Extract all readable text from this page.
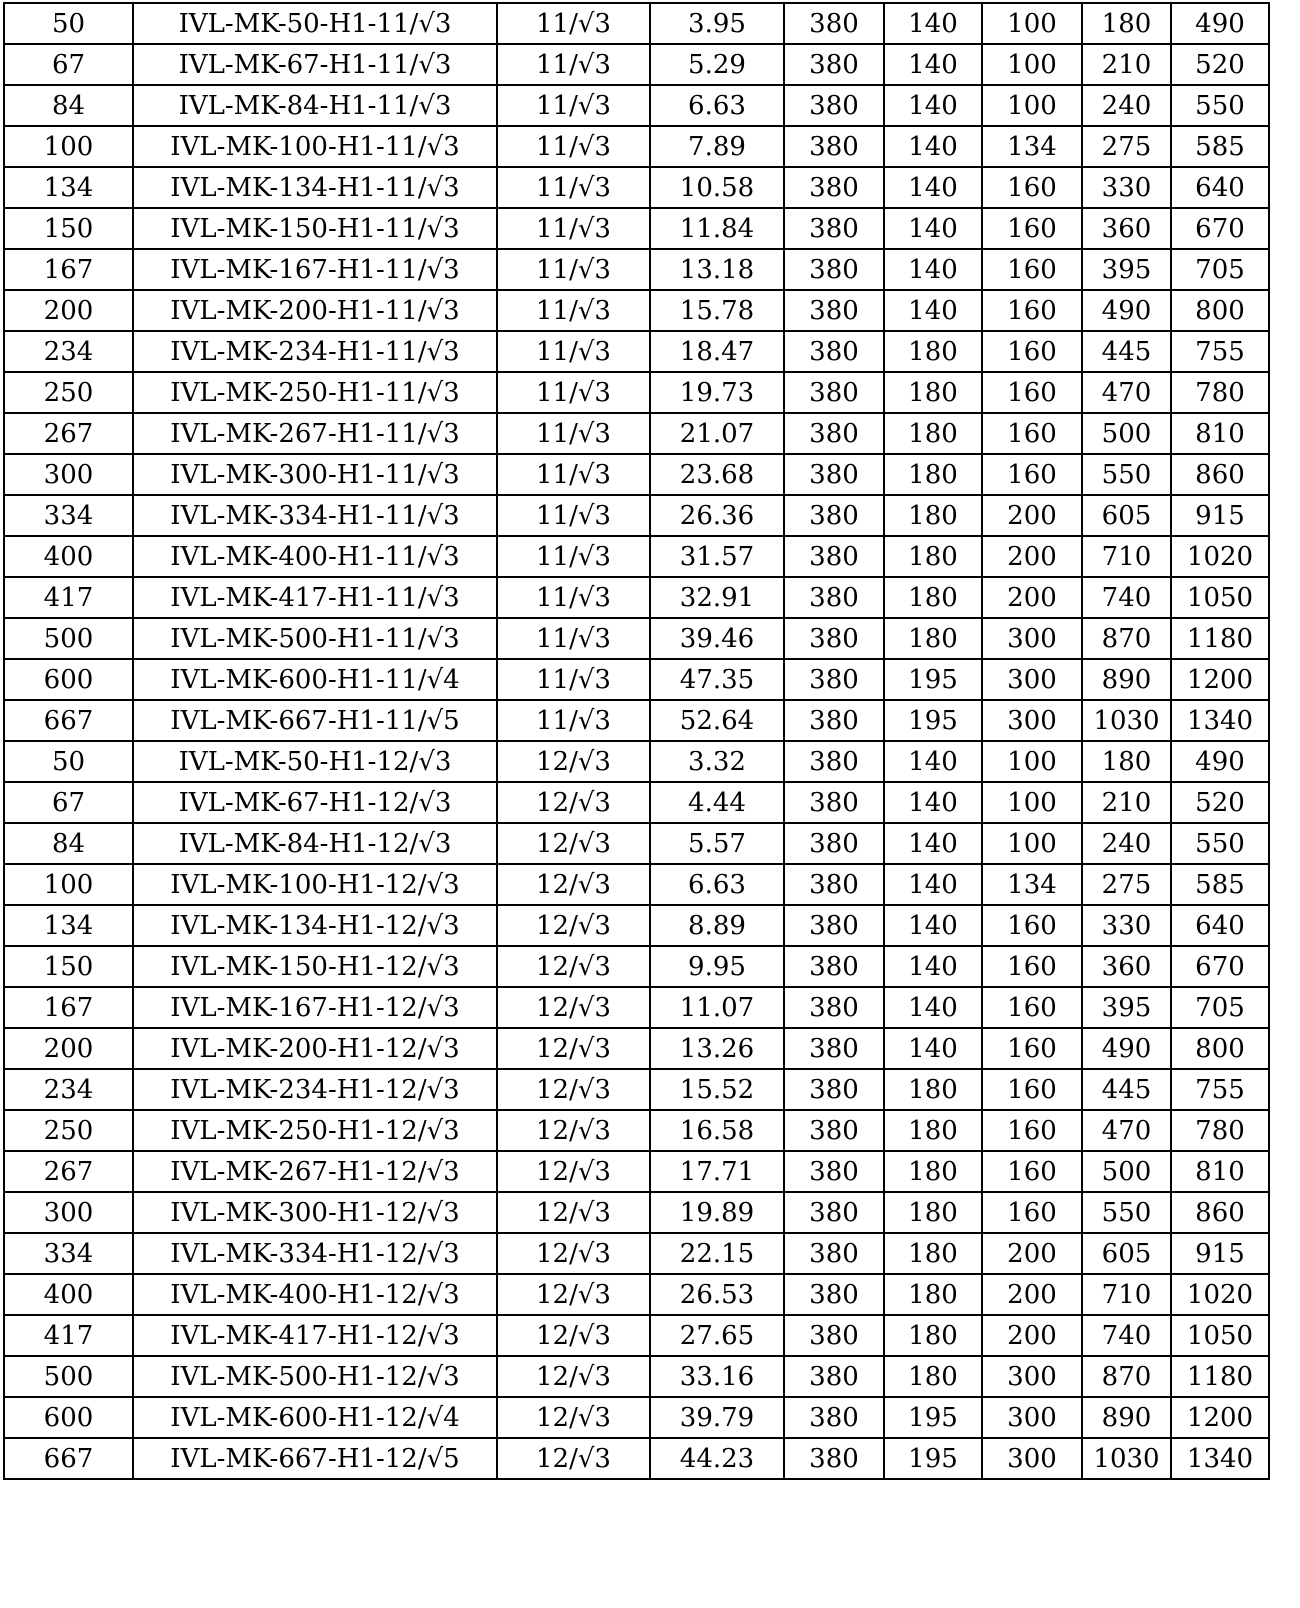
50	IVL-MK-50-H1-11/√3	11/√3	3.95	380	140	100	180	490
67	IVL-MK-67-H1-11/√3	11/√3	5.29	380	140	100	210	520
84	IVL-MK-84-H1-11/√3	11/√3	6.63	380	140	100	240	550
100	IVL-MK-100-H1-11/√3	11/√3	7.89	380	140	134	275	585
134	IVL-MK-134-H1-11/√3	11/√3	10.58	380	140	160	330	640
150	IVL-MK-150-H1-11/√3	11/√3	11.84	380	140	160	360	670
167	IVL-MK-167-H1-11/√3	11/√3	13.18	380	140	160	395	705
200	IVL-MK-200-H1-11/√3	11/√3	15.78	380	140	160	490	800
234	IVL-MK-234-H1-11/√3	11/√3	18.47	380	180	160	445	755
250	IVL-MK-250-H1-11/√3	11/√3	19.73	380	180	160	470	780
267	IVL-MK-267-H1-11/√3	11/√3	21.07	380	180	160	500	810
300	IVL-MK-300-H1-11/√3	11/√3	23.68	380	180	160	550	860
334	IVL-MK-334-H1-11/√3	11/√3	26.36	380	180	200	605	915
400	IVL-MK-400-H1-11/√3	11/√3	31.57	380	180	200	710	1020
417	IVL-MK-417-H1-11/√3	11/√3	32.91	380	180	200	740	1050
500	IVL-MK-500-H1-11/√3	11/√3	39.46	380	180	300	870	1180
600	IVL-MK-600-H1-11/√4	11/√3	47.35	380	195	300	890	1200
667	IVL-MK-667-H1-11/√5	11/√3	52.64	380	195	300	1030	1340
50	IVL-MK-50-H1-12/√3	12/√3	3.32	380	140	100	180	490
67	IVL-MK-67-H1-12/√3	12/√3	4.44	380	140	100	210	520
84	IVL-MK-84-H1-12/√3	12/√3	5.57	380	140	100	240	550
100	IVL-MK-100-H1-12/√3	12/√3	6.63	380	140	134	275	585
134	IVL-MK-134-H1-12/√3	12/√3	8.89	380	140	160	330	640
150	IVL-MK-150-H1-12/√3	12/√3	9.95	380	140	160	360	670
167	IVL-MK-167-H1-12/√3	12/√3	11.07	380	140	160	395	705
200	IVL-MK-200-H1-12/√3	12/√3	13.26	380	140	160	490	800
234	IVL-MK-234-H1-12/√3	12/√3	15.52	380	180	160	445	755
250	IVL-MK-250-H1-12/√3	12/√3	16.58	380	180	160	470	780
267	IVL-MK-267-H1-12/√3	12/√3	17.71	380	180	160	500	810
300	IVL-MK-300-H1-12/√3	12/√3	19.89	380	180	160	550	860
334	IVL-MK-334-H1-12/√3	12/√3	22.15	380	180	200	605	915
400	IVL-MK-400-H1-12/√3	12/√3	26.53	380	180	200	710	1020
417	IVL-MK-417-H1-12/√3	12/√3	27.65	380	180	200	740	1050
500	IVL-MK-500-H1-12/√3	12/√3	33.16	380	180	300	870	1180
600	IVL-MK-600-H1-12/√4	12/√3	39.79	380	195	300	890	1200
667	IVL-MK-667-H1-12/√5	12/√3	44.23	380	195	300	1030	1340
